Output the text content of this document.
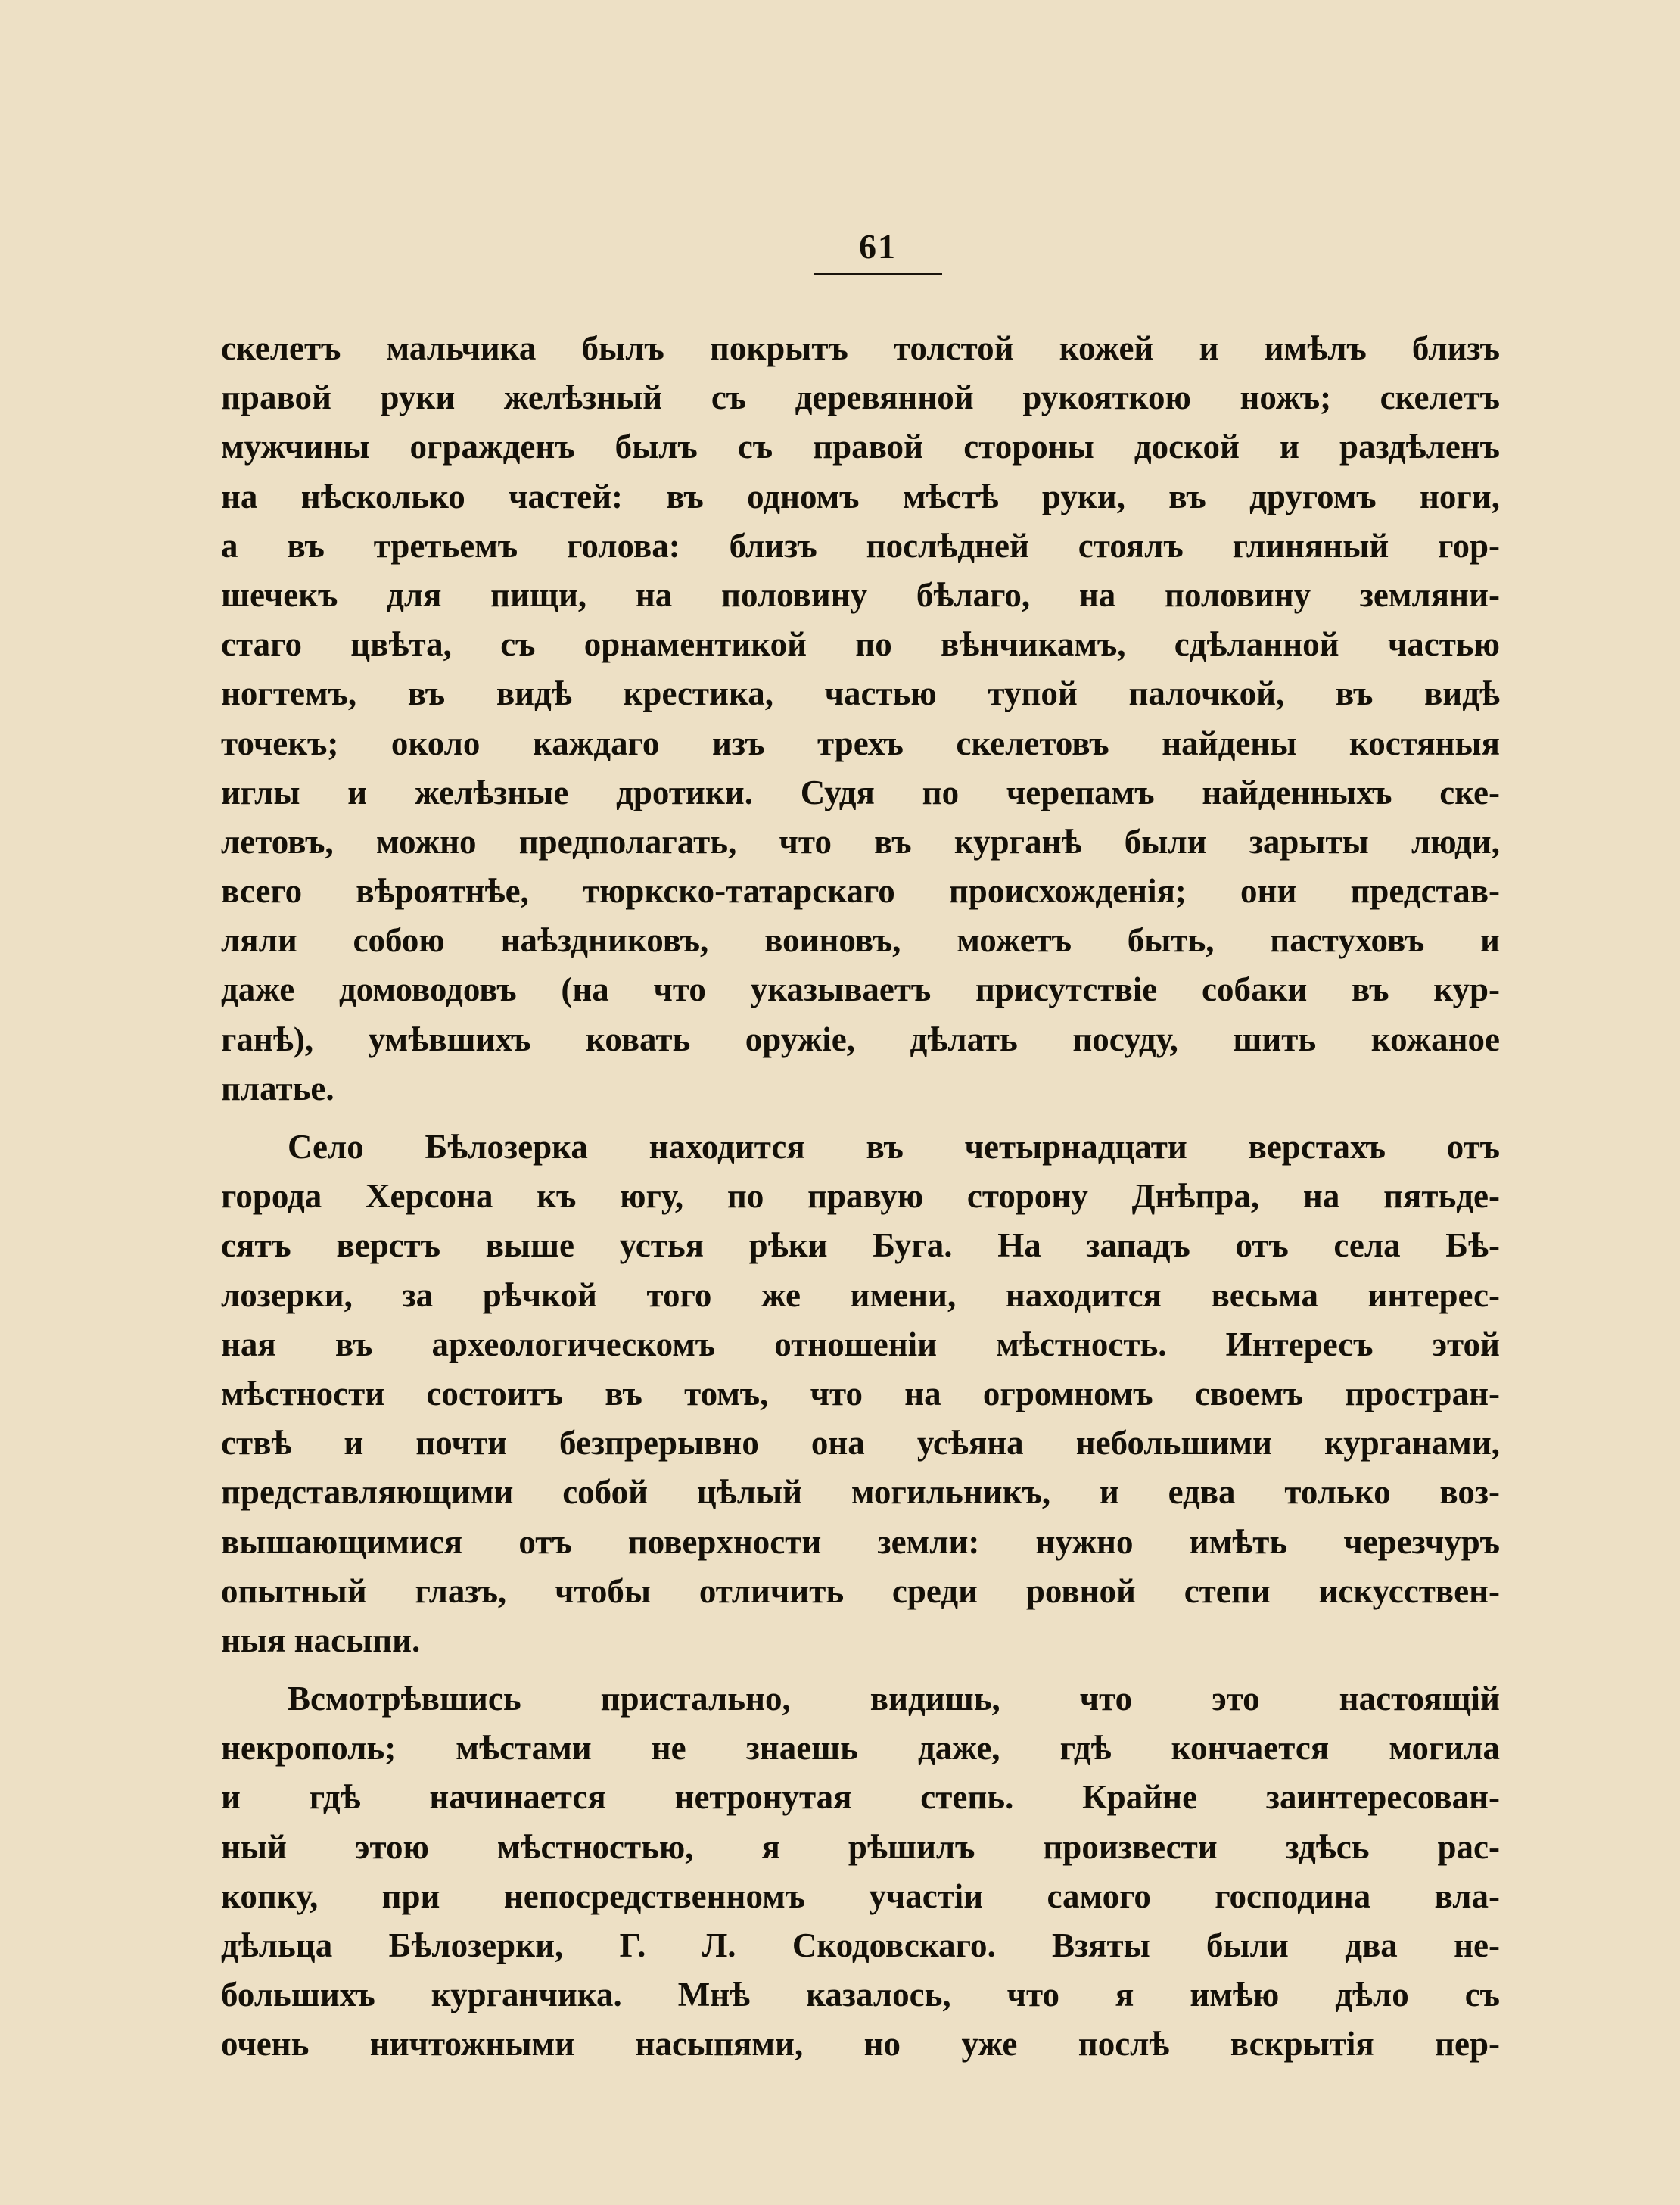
61
скелетъ мальчика былъ покрытъ толстой кожей и имѣлъ близъ
правой руки желѣзный съ деревянной рукояткою ножъ; скелетъ
мужчины огражденъ былъ съ правой стороны доской и раздѣленъ
на нѣсколько частей: въ одномъ мѣстѣ руки, въ другомъ ноги,
а въ третьемъ голова: близъ послѣдней стоялъ глиняный гор-
шечекъ для пищи, на половину бѣлаго, на половину земляни-
стаго цвѣта, съ орнаментикой по вѣнчикамъ, сдѣланной частью
ногтемъ, въ видѣ крестика, частью тупой палочкой, въ видѣ
точекъ; около каждаго изъ трехъ скелетовъ найдены костяныя
иглы и желѣзные дротики. Судя по черепамъ найденныхъ ске-
летовъ, можно предполагать, что въ курганѣ были зарыты люди,
всего вѣроятнѣе, тюркско-татарскаго происхожденія; они представ-
ляли собою наѣздниковъ, воиновъ, можетъ быть, пастуховъ и
даже домоводовъ (на что указываетъ присутствіе собаки въ кур-
ганѣ), умѣвшихъ ковать оружіе, дѣлать посуду, шить кожаное
платье.
Село Бѣлозерка находится въ четырнадцати верстахъ отъ
города Херсона къ югу, по правую сторону Днѣпра, на пятьде-
сятъ верстъ выше устья рѣки Буга. На западъ отъ села Бѣ-
лозерки, за рѣчкой того же имени, находится весьма интерес-
ная въ археологическомъ отношеніи мѣстность. Интересъ этой
мѣстности состоитъ въ томъ, что на огромномъ своемъ простран-
ствѣ и почти безпрерывно она усѣяна небольшими курганами,
представляющими собой цѣлый могильникъ, и едва только воз-
вышающимися отъ поверхности земли: нужно имѣть черезчуръ
опытный глазъ, чтобы отличить среди ровной степи искусствен-
ныя насыпи.
Всмотрѣвшись пристально, видишь, что это настоящій
некрополь; мѣстами не знаешь даже, гдѣ кончается могила
и гдѣ начинается нетронутая степь. Крайне заинтересован-
ный этою мѣстностью, я рѣшилъ произвести здѣсь рас-
копку, при непосредственномъ участіи самого господина вла-
дѣльца Бѣлозерки, Г. Л. Скодовскаго. Взяты были два не-
большихъ курганчика. Мнѣ казалось, что я имѣю дѣло съ
очень ничтожными насыпями, но уже послѣ вскрытія пер-
